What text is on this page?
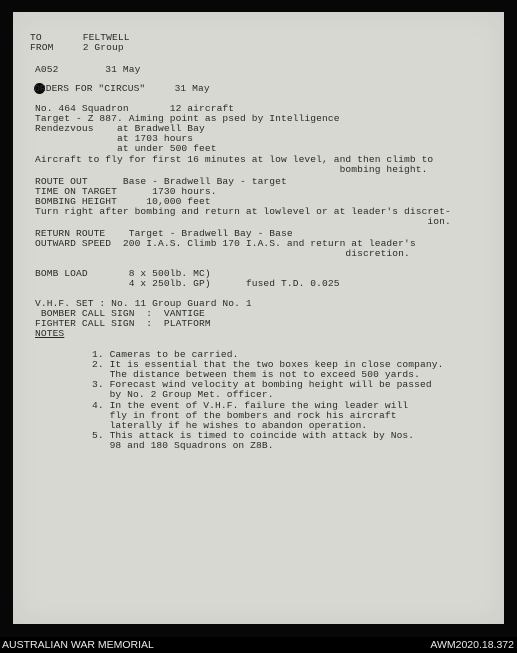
TO       FELTWELL
FROM     2 Group
A052        31 May
ORDERS FOR "CIRCUS"     31 May
No. 464 Squadron       12 aircraft
Target - Z 887. Aiming point as psed by Intelligence
Rendezvous    at Bradwell Bay
at 1703 hours
at under 500 feet
Aircraft to fly for first 16 minutes at low level, and then climb to
bombing height.
ROUTE OUT      Base - Bradwell Bay - target
TIME ON TARGET      1730 hours.
BOMBING HEIGHT     10,000 feet
Turn right after bombing and return at lowlevel or at leader's discret-
ion.
RETURN ROUTE    Target - Bradwell Bay - Base
OUTWARD SPEED  200 I.A.S. Climb 170 I.A.S. and return at leader's
discretion.
BOMB LOAD       8 x 500lb. MC)
4 x 250lb. GP)      fused T.D. 0.025
V.H.F. SET : No. 11 Group Guard No. 1
BOMBER CALL SIGN  :  VANTIGE
FIGHTER CALL SIGN  :  PLATFORM
NOTES
1. Cameras to be carried.
2. It is essential that the two boxes keep in close company.
The distance between them is not to exceed 500 yards.
3. Forecast wind velocity at bombing height will be passed
by No. 2 Group Met. officer.
4. In the event of V.H.F. failure the wing leader will
fly in front of the bombers and rock his aircraft
laterally if he wishes to abandon operation.
5. This attack is timed to coincide with attack by Nos.
98 and 180 Squadrons on Z8B.
AUSTRALIAN WAR MEMORIAL	AWM2020.18.372
